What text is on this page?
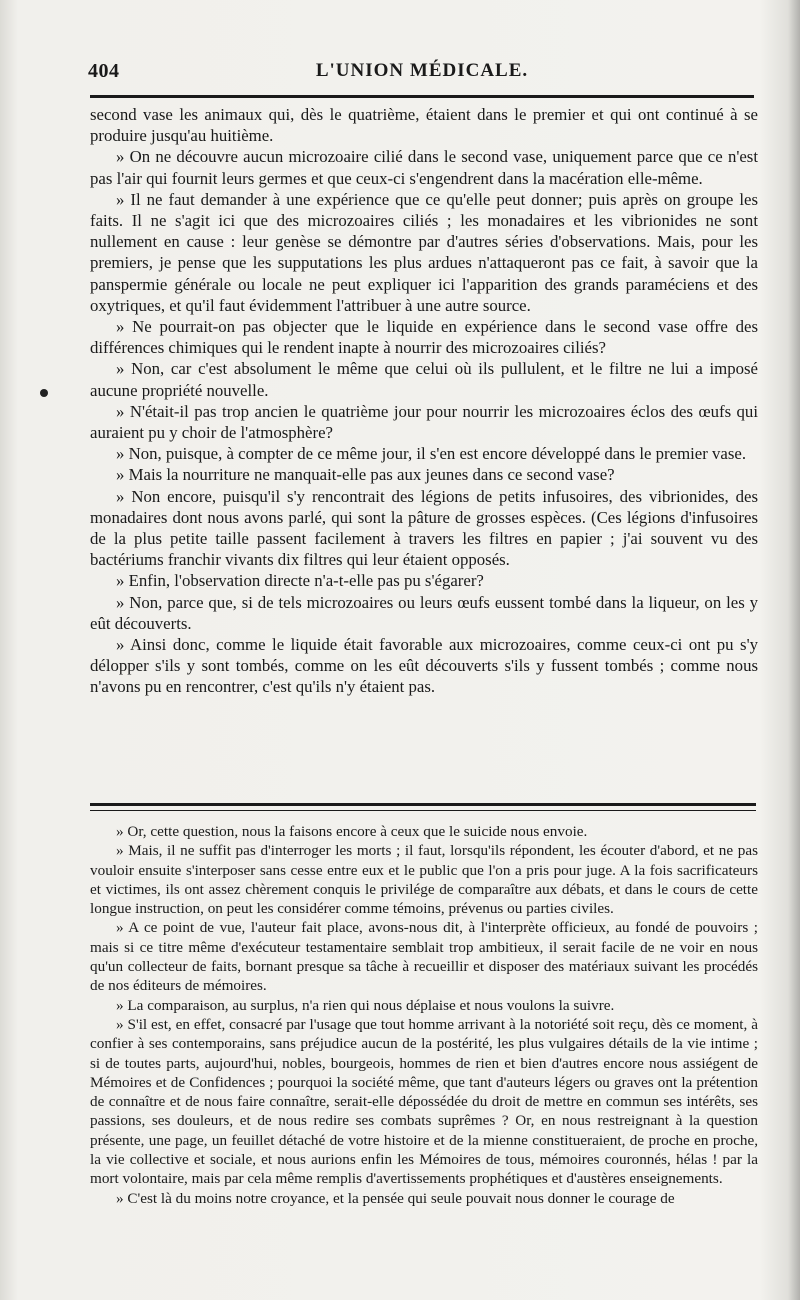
404	L'UNION MÉDICALE.

second vase les animaux qui, dès le quatrième, étaient dans le premier et qui ont continué à se produire jusqu'au huitième.

» On ne découvre aucun microzoaire cilié dans le second vase, uniquement parce que ce n'est pas l'air qui fournit leurs germes et que ceux-ci s'engendrent dans la macération elle-même.

» Il ne faut demander à une expérience que ce qu'elle peut donner; puis après on groupe les faits. Il ne s'agit ici que des microzoaires ciliés ; les monadaires et les vibrionides ne sont nullement en cause : leur genèse se démontre par d'autres séries d'observations. Mais, pour les premiers, je pense que les supputations les plus ardues n'attaqueront pas ce fait, à savoir que la panspermie générale ou locale ne peut expliquer ici l'apparition des grands paraméciens et des oxytriques, et qu'il faut évidemment l'attribuer à une autre source.

» Ne pourrait-on pas objecter que le liquide en expérience dans le second vase offre des différences chimiques qui le rendent inapte à nourrir des microzoaires ciliés?

» Non, car c'est absolument le même que celui où ils pullulent, et le filtre ne lui a imposé aucune propriété nouvelle.

» N'était-il pas trop ancien le quatrième jour pour nourrir les microzoaires éclos des œufs qui auraient pu y choir de l'atmosphère?

» Non, puisque, à compter de ce même jour, il s'en est encore développé dans le premier vase.

» Mais la nourriture ne manquait-elle pas aux jeunes dans ce second vase?

» Non encore, puisqu'il s'y rencontrait des légions de petits infusoires, des vibrionides, des monadaires dont nous avons parlé, qui sont la pâture de grosses espèces. (Ces légions d'infusoires de la plus petite taille passent facilement à travers les filtres en papier ; j'ai souvent vu des bactériums franchir vivants dix filtres qui leur étaient opposés.

» Enfin, l'observation directe n'a-t-elle pas pu s'égarer?

» Non, parce que, si de tels microzoaires ou leurs œufs eussent tombé dans la liqueur, on les y eût découverts.

» Ainsi donc, comme le liquide était favorable aux microzoaires, comme ceux-ci ont pu s'y délopper s'ils y sont tombés, comme on les eût découverts s'ils y fussent tombés ; comme nous n'avons pu en rencontrer, c'est qu'ils n'y étaient pas.

» Or, cette question, nous la faisons encore à ceux que le suicide nous envoie.

» Mais, il ne suffit pas d'interroger les morts ; il faut, lorsqu'ils répondent, les écouter d'abord, et ne pas vouloir ensuite s'interposer sans cesse entre eux et le public que l'on a pris pour juge. A la fois sacrificateurs et victimes, ils ont assez chèrement conquis le privilége de comparaître aux débats, et dans le cours de cette longue instruction, on peut les considérer comme témoins, prévenus ou parties civiles.

» A ce point de vue, l'auteur fait place, avons-nous dit, à l'interprète officieux, au fondé de pouvoirs ; mais si ce titre même d'exécuteur testamentaire semblait trop ambitieux, il serait facile de ne voir en nous qu'un collecteur de faits, bornant presque sa tâche à recueillir et disposer des matériaux suivant les procédés de nos éditeurs de mémoires.

» La comparaison, au surplus, n'a rien qui nous déplaise et nous voulons la suivre.

» S'il est, en effet, consacré par l'usage que tout homme arrivant à la notoriété soit reçu, dès ce moment, à confier à ses contemporains, sans préjudice aucun de la postérité, les plus vulgaires détails de la vie intime ; si de toutes parts, aujourd'hui, nobles, bourgeois, hommes de rien et bien d'autres encore nous assiégent de Mémoires et de Confidences ; pourquoi la société même, que tant d'auteurs légers ou graves ont la prétention de connaître et de nous faire connaître, serait-elle dépossédée du droit de mettre en commun ses intérêts, ses passions, ses douleurs, et de nous redire ses combats suprêmes ? Or, en nous restreignant à la question présente, une page, un feuillet détaché de votre histoire et de la mienne constitueraient, de proche en proche, la vie collective et sociale, et nous aurions enfin les Mémoires de tous, mémoires couronnés, hélas ! par la mort volontaire, mais par cela même remplis d'avertissements prophétiques et d'austères enseignements.

» C'est là du moins notre croyance, et la pensée qui seule pouvait nous donner le courage de
